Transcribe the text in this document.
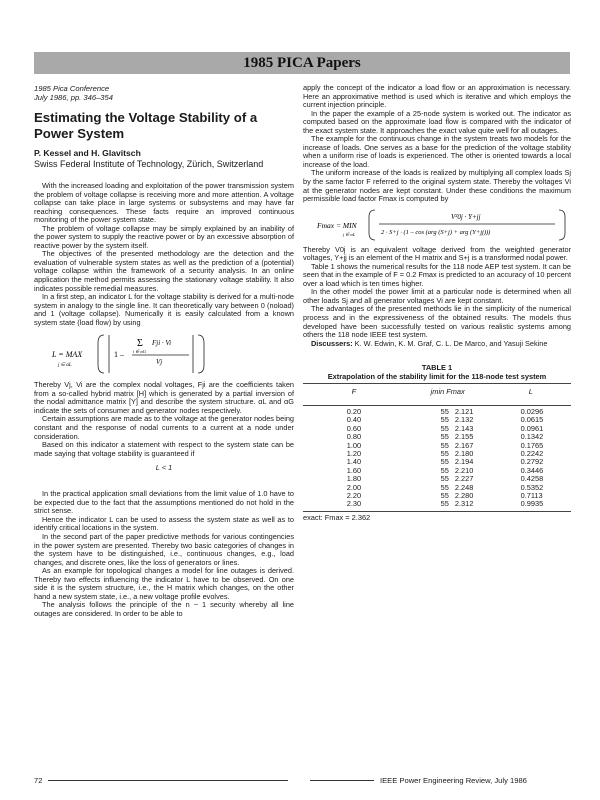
1985 PICA Papers
1985 Pica Conference
July 1986, pp. 346–354
Estimating the Voltage Stability of a Power System
P. Kessel and H. Glavitsch
Swiss Federal Institute of Technology, Zürich, Switzerland

With the increased loading and exploitation of the power transmission system the problem of voltage collapse is receiving more and more attention. A voltage collapse can take place in large systems or subsystems and may have far reaching consequences. These facts require an improved continuous monitoring of the power system state.

The problem of voltage collapse may be simply explained by an inability of the power system to supply the reactive power or by an excessive absorption of reactive power by the system itself.

The objectives of the presented methodology are the detection and the evaluation of vulnerable system states as well as the prediction of a (potential) voltage collapse within the framework of a security analysis. In an online application the method permits assessing the stationary voltage stability. It also indicates possible remedial measures.

In a first step, an indicator L for the voltage stability is derived for a multi-node system in analogy to the single line. It can theoretically vary between 0 (noload) and 1 (voltage collapse). Numerically it is easily calculated from a known system state (load flow) by using

L = MAX
j ∈ αL
1 –
Σ
i ∈ αG
Fji · Vi
Vj

Thereby Vj, Vi are the complex nodal voltages, Fji are the coefficients taken from a so-called hybrid matrix [H] which is generated by a partial inversion of the nodal admittance matrix [Y] and describe the system structure. αL and αG indicate the sets of consumer and generator nodes respectively.

Certain assumptions are made as to the voltage at the generator nodes being constant and the response of nodal currents to a current at a node under consideration.

Based on this indicator a statement with respect to the system state can be made saying that voltage stability is guaranteed if

L < 1

In the practical application small deviations from the limit value of 1.0 have to be expected due to the fact that the assumptions mentioned do not hold in the strict sense.

Hence the indicator L can be used to assess the system state as well as to identify critical locations in the system.

In the second part of the paper predictive methods for various contingencies in the power system are presented. Thereby two basic categories of changes in the system have to be distinguished, i.e., continuous changes, e.g., load changes, and discrete ones, like the loss of generators or lines.

As an example for topological changes a model for line outages is derived. Thereby two effects influencing the indicator L have to be observed. On one side it is the system structure, i.e., the H matrix which changes, on the other hand a new system state, i.e., a new voltage profile evolves.

The analysis follows the principle of the n − 1 security whereby all line outages are considered. In order to be able to

apply the concept of the indicator a load flow or an approximation is necessary. Here an approximative method is used which is iterative and which employs the current injection principle.

In the paper the example of a 25-node system is worked out. The indicator as computed based on the approximate load flow is compared with the indicator of the exact system state. It approaches the exact value quite well for all outages.

The example for the continuous change in the system treats two models for the increase of loads. One serves as a base for the prediction of the voltage stability when a uniform rise of loads is experienced. The other is oriented towards a local increase of the load.

The uniform increase of the loads is realized by multiplying all complex loads Sj by the same factor F referred to the original system state. Thereby the voltages Vi at the generator nodes are kept constant. Under these conditions the maximum permissible load factor Fmax is computed by

Fmax = MIN
j ∈ αL
V²0j · Y+jj
2 · S+j · (1 – cos (arg (S+j) + arg (Y+jj)))

Thereby V0j is an equivalent voltage derived from the weighted generator voltages, Y+jj is an element of the H matrix and S+j is a transformed nodal power.

Table 1 shows the numerical results for the 118 node AEP test system. It can be seen that in the example of F = 0.2 Fmax is predicted to an accuracy of 10 percent over a load which is ten times higher.

In the other model the power limit at a particular node is determined when all other loads Sj and all generator voltages Vi are kept constant.

The advantages of the presented methods lie in the simplicity of the numerical process and in the expressiveness of the obtained results. The models thus developed have been successfully tested on various realistic systems among others the 118 node IEEE test system.

Discussers: K. W. Edwin, K. M. Graf, C. L. De Marco, and Yasuji Sekine

TABLE 1
Extrapolation of the stability limit for the 118-node test system
F	jmin Fmax	L
0.20	55 2.121	0.0296
0.40	55 2.132	0.0615
0.60	55 2.143	0.0961
0.80	55 2.155	0.1342
1.00	55 2.167	0.1765
1.20	55 2.180	0.2242
1.40	55 2.194	0.2792
1.60	55 2.210	0.3446
1.80	55 2.227	0.4258
2.00	55 2.248	0.5352
2.20	55 2.280	0.7113
2.30	55 2.312	0.9935
exact: Fmax = 2.362
72	IEEE Power Engineering Review, July 1986
